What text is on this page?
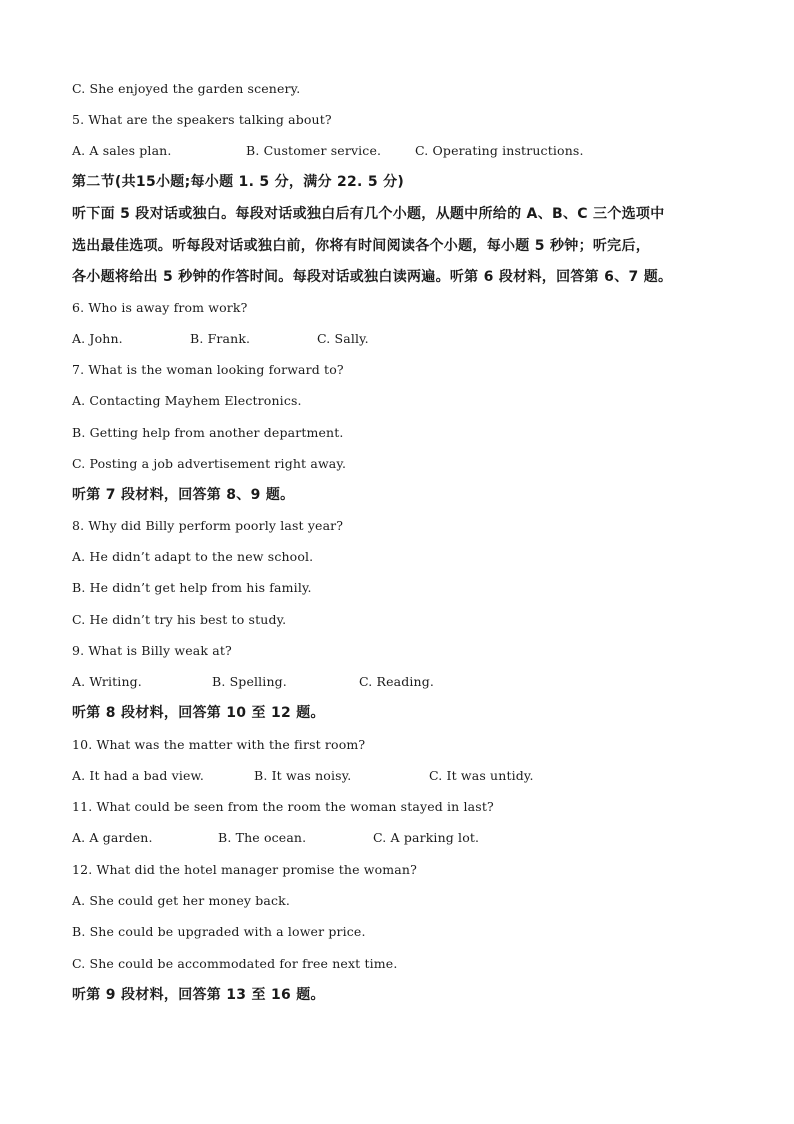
C. She enjoyed the garden scenery.

5. What are the speakers talking about?

A. A sales plan.	B. Customer service.	C. Operating instructions.

第二节(共15小题;每小题 1. 5 分，满分 22. 5 分)

听下面 5 段对话或独白。每段对话或独白后有几个小题，从题中所给的 A、B、C 三个选项中

选出最佳选项。听每段对话或独白前，你将有时间阅读各个小题，每小题 5 秒钟；听完后，

各小题将给出 5 秒钟的作答时间。每段对话或独白读两遍。听第 6 段材料，回答第 6、7 题。

6. Who is away from work?

A. John.	B. Frank.	C. Sally.

7. What is the woman looking forward to?

A. Contacting Mayhem Electronics.

B. Getting help from another department.

C. Posting a job advertisement right away.

听第 7 段材料，回答第 8、9 题。

8. Why did Billy perform poorly last year?

A. He didn’t adapt to the new school.

B. He didn’t get help from his family.

C. He didn’t try his best to study.

9. What is Billy weak at?

A. Writing.	B. Spelling.	C. Reading.

听第 8 段材料，回答第 10 至 12 题。

10. What was the matter with the first room?

A. It had a bad view.	B. It was noisy.	C. It was untidy.

11. What could be seen from the room the woman stayed in last?

A. A garden.	B. The ocean.	C. A parking lot.

12. What did the hotel manager promise the woman?

A. She could get her money back.

B. She could be upgraded with a lower price.

C. She could be accommodated for free next time.

听第 9 段材料，回答第 13 至 16 题。
